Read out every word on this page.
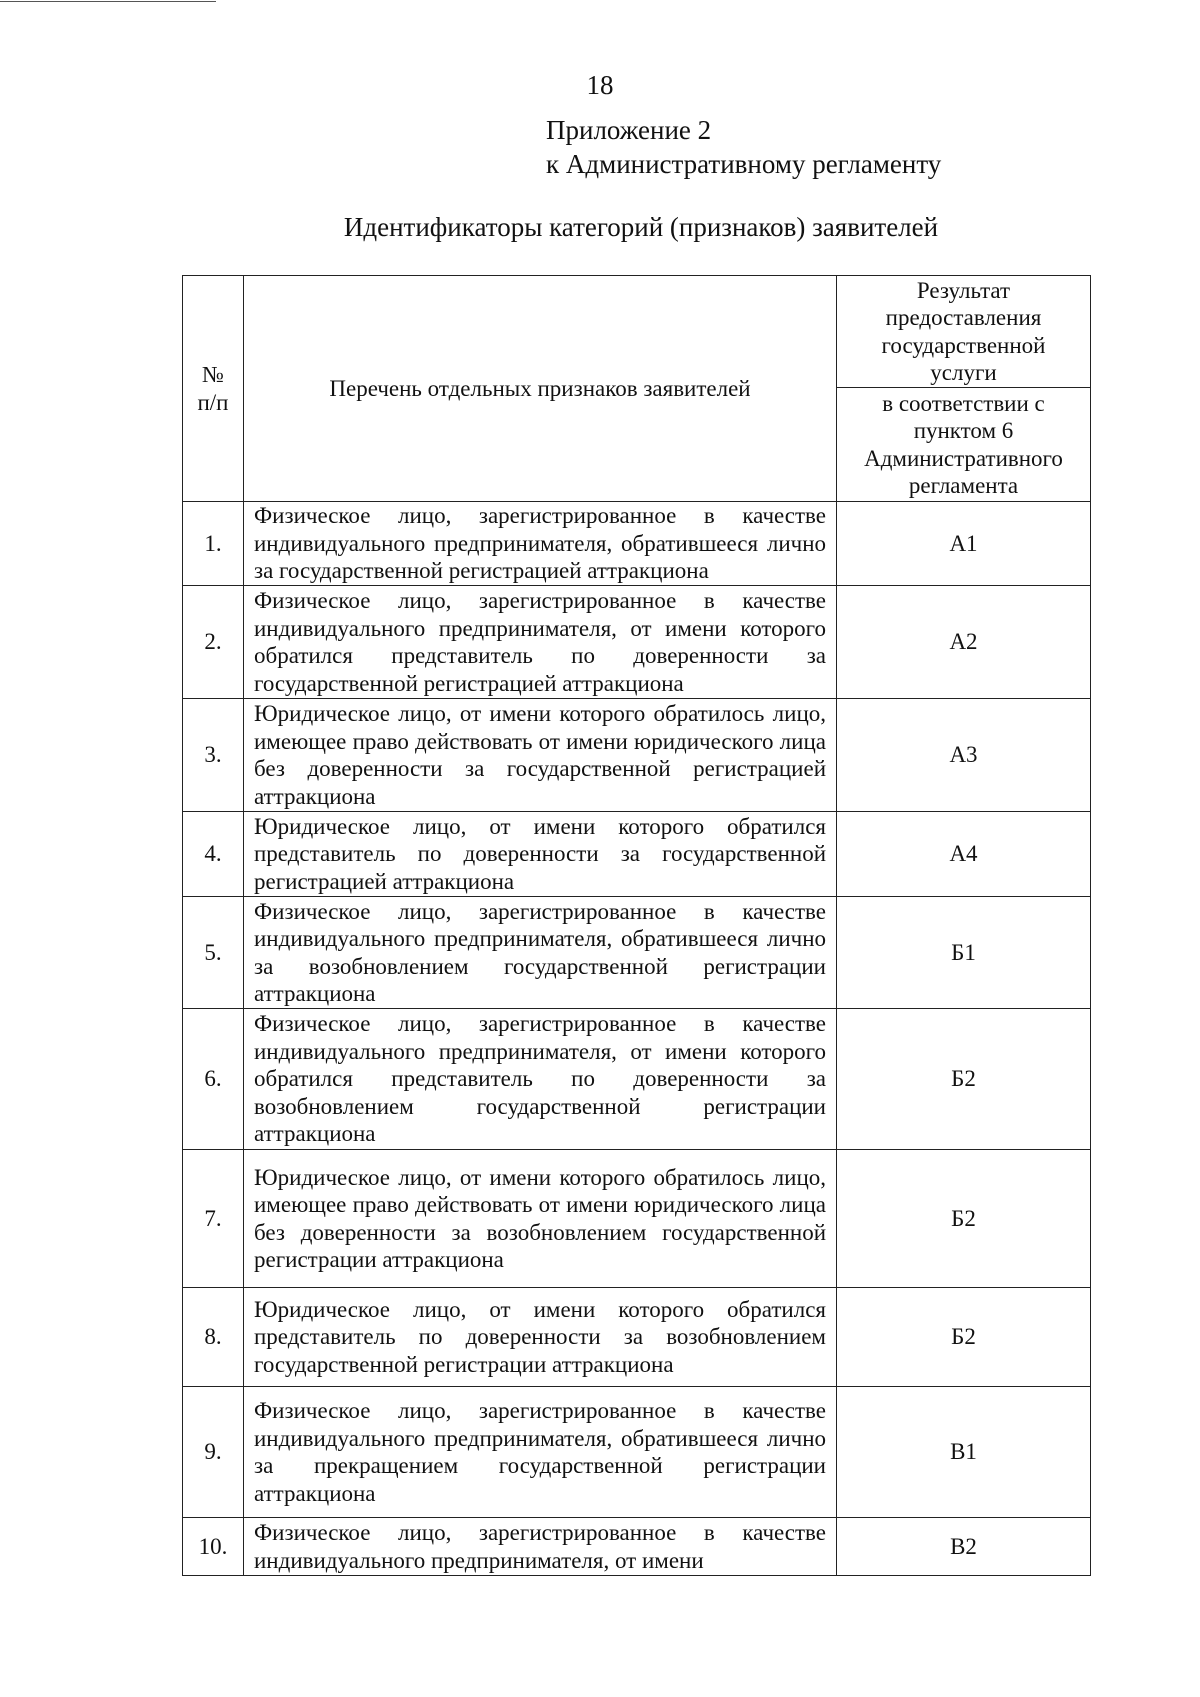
18
Приложение 2
к Административному регламенту
Идентификаторы категорий (признаков) заявителей
№ п/п	Перечень отдельных признаков заявителей	Результат предоставления государственной услуги

		в соответствии с пунктом 6 Административного регламента

1.	Физическое лицо, зарегистрированное в качестве индивидуального предпринимателя, обратившееся лично за государственной регистрацией аттракциона	А1
2.	Физическое лицо, зарегистрированное в качестве индивидуального предпринимателя, от имени которого обратился представитель по доверенности за государственной регистрацией аттракциона	А2
3.	Юридическое лицо, от имени которого обратилось лицо, имеющее право действовать от имени юридического лица без доверенности за государственной регистрацией аттракциона	А3
4.	Юридическое лицо, от имени которого обратился представитель по доверенности за государственной регистрацией аттракциона	А4
5.	Физическое лицо, зарегистрированное в качестве индивидуального предпринимателя, обратившееся лично за возобновлением государственной регистрации аттракциона	Б1
6.	Физическое лицо, зарегистрированное в качестве индивидуального предпринимателя, от имени которого обратился представитель по доверенности за возобновлением государственной регистрации аттракциона	Б2
7.	Юридическое лицо, от имени которого обратилось лицо, имеющее право действовать от имени юридического лица без доверенности за возобновлением государственной регистрации аттракциона	Б2
8.	Юридическое лицо, от имени которого обратился представитель по доверенности за возобновлением государственной регистрации аттракциона	Б2
9.	Физическое лицо, зарегистрированное в качестве индивидуального предпринимателя, обратившееся лично за прекращением государственной регистрации аттракциона	В1
10.	Физическое лицо, зарегистрированное в качестве индивидуального предпринимателя, от имени	В2
